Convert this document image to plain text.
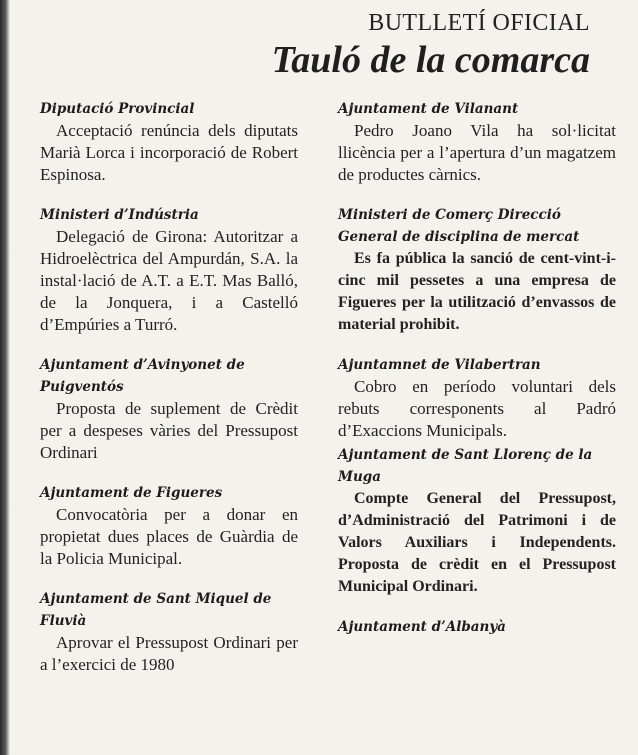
BUTLLETÍ OFICIAL
Tauló de la comarca
Diputació Provincial
Acceptació renúncia dels diputats Marià Lorca i incorporació de Robert Espinosa.
Ministeri d’Indústria
Delegació de Girona: Autoritzar a Hidroelèctrica del Ampurdán, S.A. la instal·lació de A.T. a E.T. Mas Balló, de la Jonquera, i a Castelló d’Empúries a Turró.
Ajuntament d’Avinyonet de Puigventós
Proposta de suplement de Crèdit per a despeses vàries del Pressupost Ordinari
Ajuntament de Figueres
Convocatòria per a donar en propietat dues places de Guàrdia de la Policia Municipal.
Ajuntament de Sant Miquel de Fluvià
Aprovar el Pressupost Ordinari per a l’exercici de 1980
Ajuntament de Vilanant
Pedro Joano Vila ha sol·licitat llicència per a l’apertura d’un magatzem de productes càrnics.
Ministeri de Comerç Direcció General de disciplina de mercat
Es fa pública la sanció de cent-vint-i-cinc mil pessetes a una empresa de Figueres per la utilització d’envassos de material prohibit.
Ajuntamnet de Vilabertran
Cobro en período voluntari dels rebuts corresponents al Padró d’Exaccions Municipals.
Ajuntament de Sant Llorenç de la Muga
Compte General del Pressupost, d’Administració del Patrimoni i de Valors Auxiliars i Independents. Proposta de crèdit en el Pressupost Municipal Ordinari.
Ajuntament d’Albanyà
